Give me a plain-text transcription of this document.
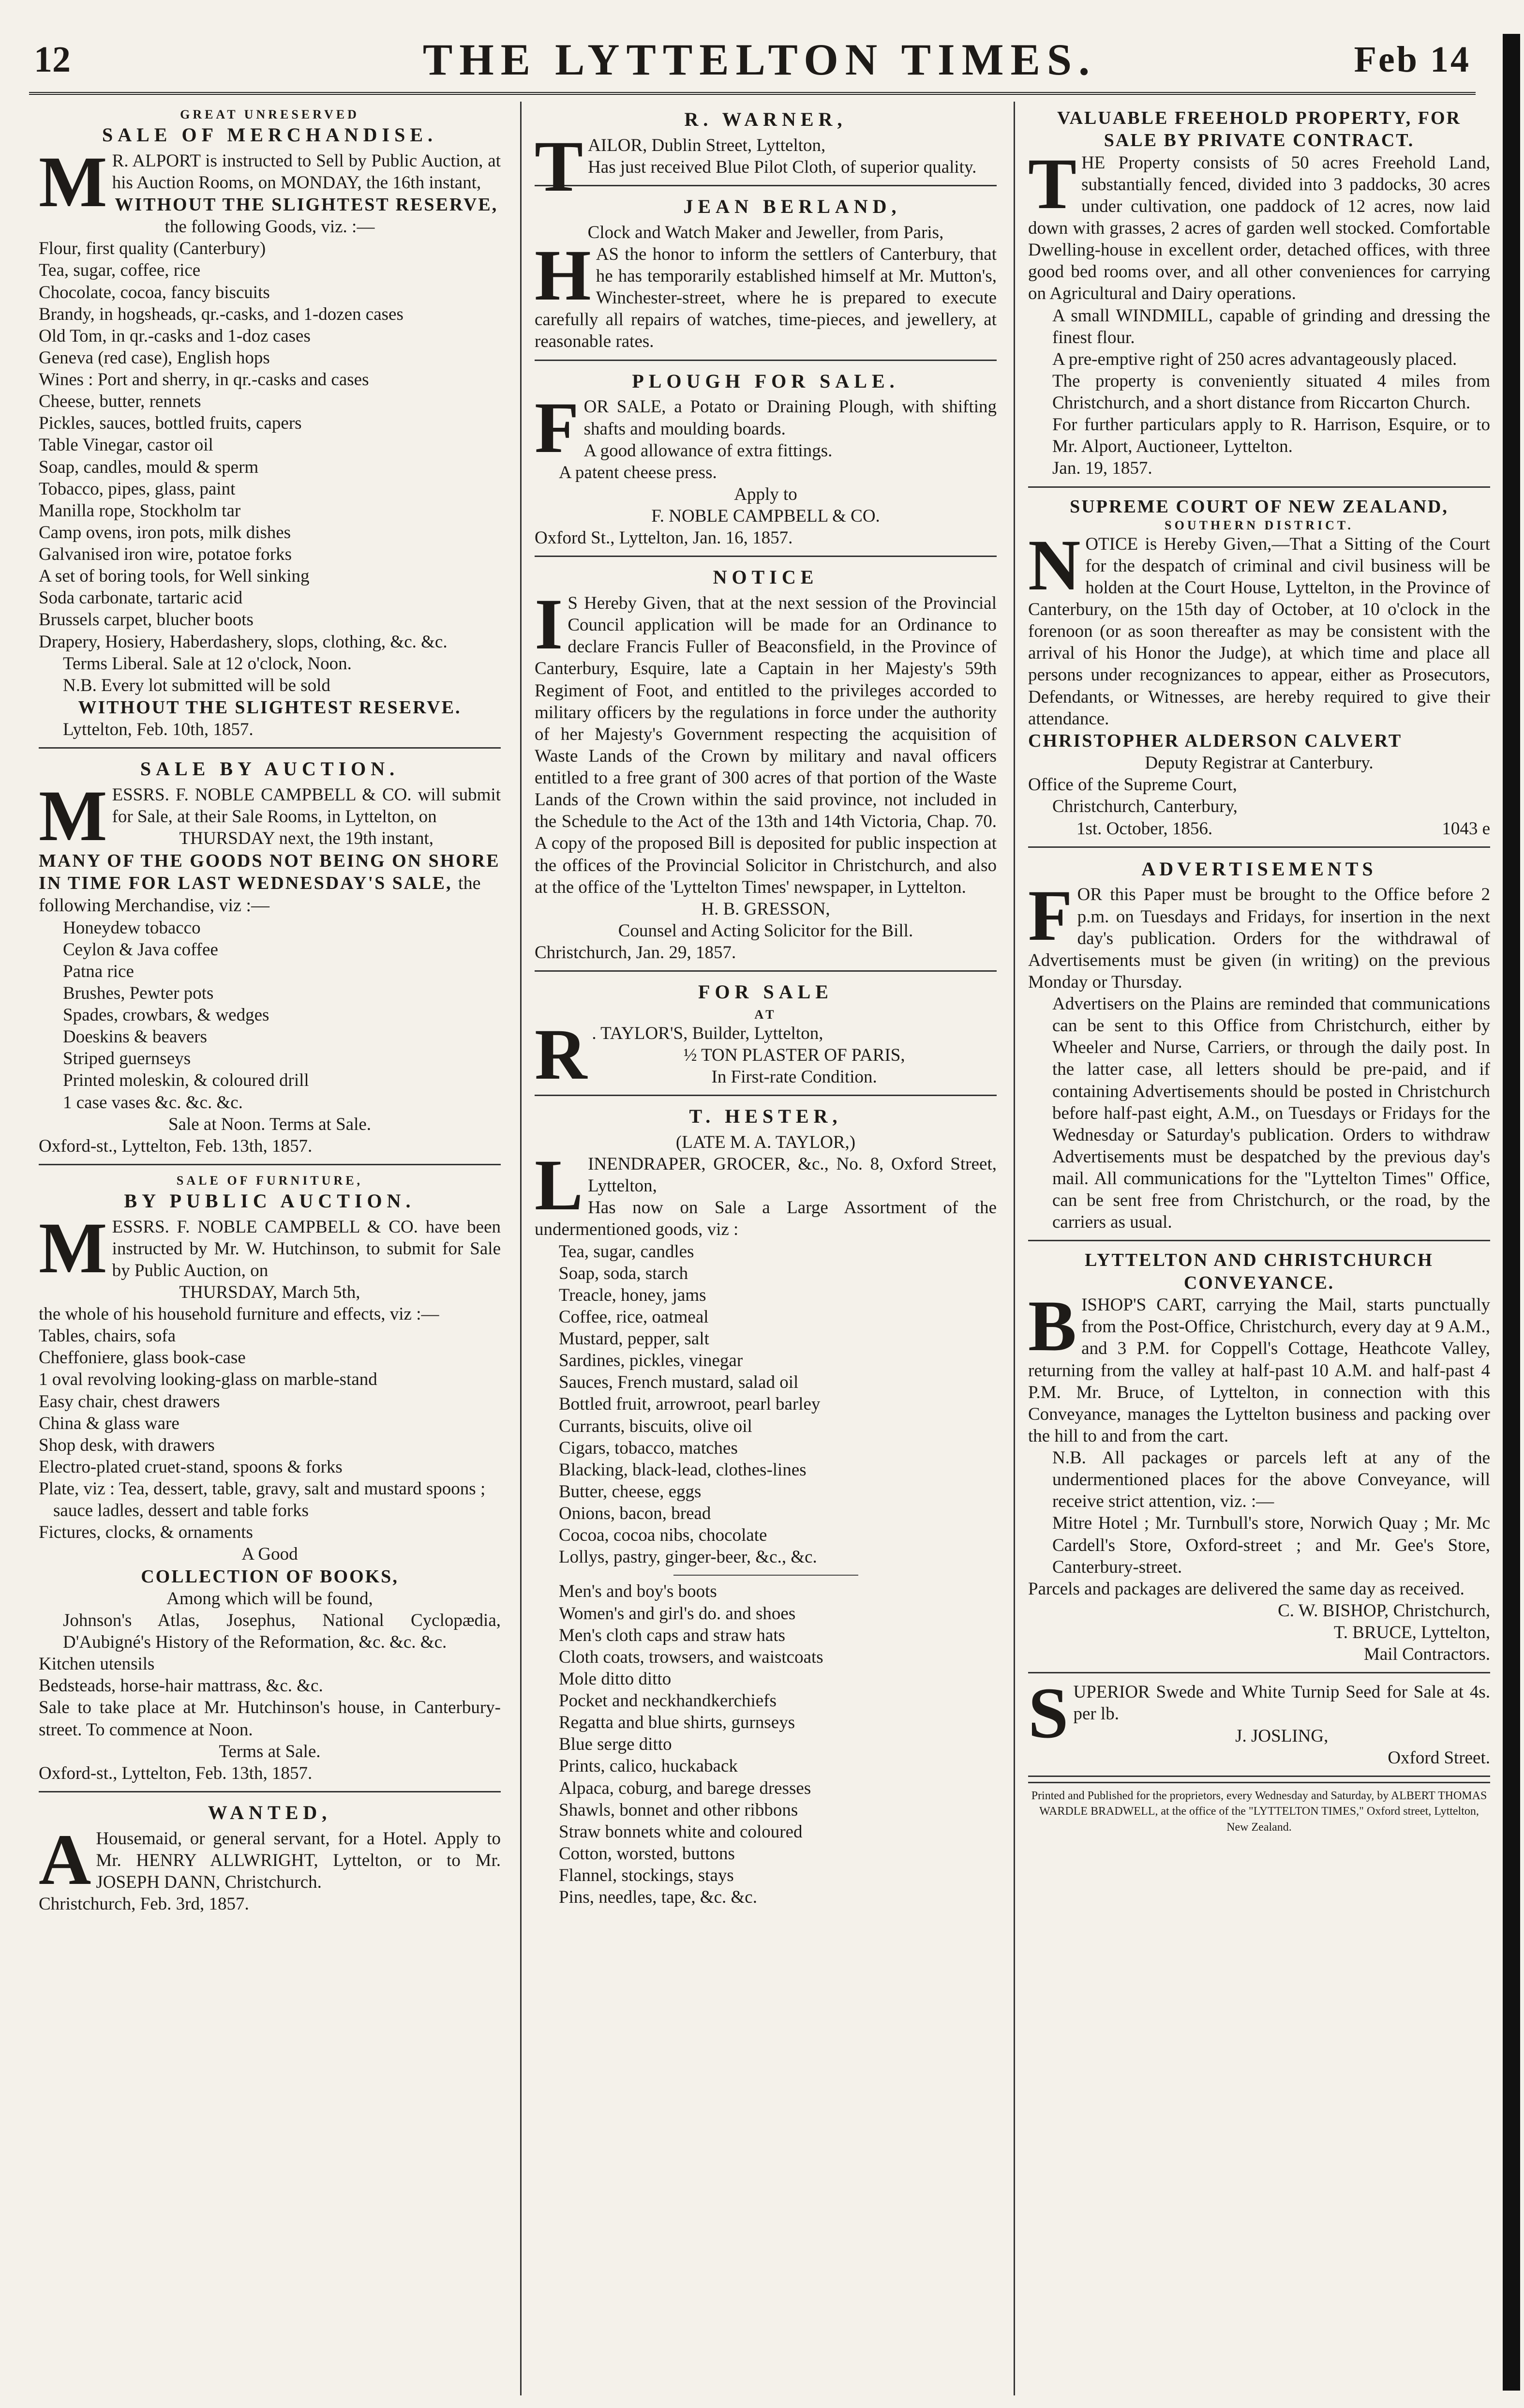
12	THE LYTTELTON TIMES.	Feb 14
GREAT UNRESERVED
SALE OF MERCHANDISE.

M R. ALPORT is instructed to Sell by Public Auction, at his Auction Rooms, on MONDAY, the 16th instant,

WITHOUT THE SLIGHTEST RESERVE,
the following Goods, viz. :—
Flour, first quality (Canterbury)
Tea, sugar, coffee, rice
Chocolate, cocoa, fancy biscuits
Brandy, in hogsheads, qr.-casks, and 1-dozen cases
Old Tom, in qr.-casks and 1-doz cases
Geneva (red case), English hops
Wines : Port and sherry, in qr.-casks and cases
Cheese, butter, rennets
Pickles, sauces, bottled fruits, capers
Table Vinegar, castor oil
Soap, candles, mould & sperm
Tobacco, pipes, glass, paint
Manilla rope, Stockholm tar
Camp ovens, iron pots, milk dishes
Galvanised iron wire, potatoe forks
A set of boring tools, for Well sinking
Soda carbonate, tartaric acid
Brussels carpet, blucher boots
Drapery, Hosiery, Haberdashery, slops, clothing, &c. &c.
Terms Liberal. Sale at 12 o'clock, Noon.
N.B. Every lot submitted will be sold
WITHOUT THE SLIGHTEST RESERVE.
Lyttelton, Feb. 10th, 1857.
SALE BY AUCTION.

MESSRS. F. NOBLE CAMPBELL & CO. will submit for Sale, at their Sale Rooms, in Lyttelton, on

THURSDAY next, the 19th instant,

MANY OF THE GOODS NOT BEING ON SHORE IN TIME FOR LAST WEDNESDAY'S SALE, the following Merchandise, viz :—

Honeydew tobacco
Ceylon & Java coffee
Patna rice
Brushes, Pewter pots
Spades, crowbars, & wedges
Doeskins & beavers
Striped guernseys
Printed moleskin, & coloured drill
1 case vases &c. &c. &c.
Sale at Noon. Terms at Sale.
Oxford-st., Lyttelton, Feb. 13th, 1857.
SALE OF FURNITURE,
BY PUBLIC AUCTION.

MESSRS. F. NOBLE CAMPBELL & CO. have been instructed by Mr. W. Hutchinson, to submit for Sale by Public Auction, on

THURSDAY, March 5th,

the whole of his household furniture and effects, viz :—

Tables, chairs, sofa
Cheffoniere, glass book-case
1 oval revolving looking-glass on marble-stand
Easy chair, chest drawers
China & glass ware
Shop desk, with drawers
Electro-plated cruet-stand, spoons & forks
Plate, viz : Tea, dessert, table, gravy, salt and mustard spoons ; sauce ladles, dessert and table forks
Fictures, clocks, & ornaments
A Good
COLLECTION OF BOOKS,
Among which will be found,

Johnson's Atlas, Josephus, National Cyclopædia, D'Aubigné's History of the Reformation, &c. &c. &c.

Kitchen utensils
Bedsteads, horse-hair mattrass, &c. &c.

Sale to take place at Mr. Hutchinson's house, in Canterbury-street. To commence at Noon.

Terms at Sale.
Oxford-st., Lyttelton, Feb. 13th, 1857.
WANTED,

A Housemaid, or general servant, for a Hotel. Apply to Mr. HENRY ALLWRIGHT, Lyttelton, or to Mr. JOSEPH DANN, Christchurch.

Christchurch, Feb. 3rd, 1857.
R. WARNER,

TAILOR, Dublin Street, Lyttelton,

Has just received Blue Pilot Cloth, of superior quality.

JEAN BERLAND,
Clock and Watch Maker and Jeweller, from Paris,

HAS the honor to inform the settlers of Canterbury, that he has temporarily established himself at Mr. Mutton's, Winchester-street, where he is prepared to execute carefully all repairs of watches, time-pieces, and jewellery, at reasonable rates.

PLOUGH FOR SALE.

FOR SALE, a Potato or Draining Plough, with shifting shafts and moulding boards.

A good allowance of extra fittings.
A patent cheese press.
Apply to
F. NOBLE CAMPBELL & CO.
Oxford St., Lyttelton, Jan. 16, 1857.
NOTICE

I S Hereby Given, that at the next session of the Provincial Council application will be made for an Ordinance to declare Francis Fuller of Beaconsfield, in the Province of Canterbury, Esquire, late a Captain in her Majesty's 59th Regiment of Foot, and entitled to the privileges accorded to military officers by the regulations in force under the authority of her Majesty's Government respecting the acquisition of Waste Lands of the Crown by military and naval officers entitled to a free grant of 300 acres of that portion of the Waste Lands of the Crown within the said province, not included in the Schedule to the Act of the 13th and 14th Victoria, Chap. 70. A copy of the proposed Bill is deposited for public inspection at the offices of the Provincial Solicitor in Christchurch, and also at the office of the 'Lyttelton Times' newspaper, in Lyttelton.

H. B. GRESSON,
Counsel and Acting Solicitor for the Bill.
Christchurch, Jan. 29, 1857.
FOR SALE
AT

R . TAYLOR'S, Builder, Lyttelton,

½ TON PLASTER OF PARIS,
In First-rate Condition.
T. HESTER,
(LATE M. A. TAYLOR,)

LINENDRAPER, GROCER, &c., No. 8, Oxford Street, Lyttelton,

Has now on Sale a Large Assortment of the undermentioned goods, viz :

Tea, sugar, candles
Soap, soda, starch
Treacle, honey, jams
Coffee, rice, oatmeal
Mustard, pepper, salt
Sardines, pickles, vinegar
Sauces, French mustard, salad oil
Bottled fruit, arrowroot, pearl barley
Currants, biscuits, olive oil
Cigars, tobacco, matches
Blacking, black-lead, clothes-lines
Butter, cheese, eggs
Onions, bacon, bread
Cocoa, cocoa nibs, chocolate
Lollys, pastry, ginger-beer, &c., &c.
Men's and boy's boots
Women's and girl's do. and shoes
Men's cloth caps and straw hats
Cloth coats, trowsers, and waistcoats
Mole ditto ditto
Pocket and neckhandkerchiefs
Regatta and blue shirts, gurnseys
Blue serge ditto
Prints, calico, huckaback
Alpaca, coburg, and barege dresses
Shawls, bonnet and other ribbons
Straw bonnets white and coloured
Cotton, worsted, buttons
Flannel, stockings, stays
Pins, needles, tape, &c. &c.
VALUABLE FREEHOLD PROPERTY, FOR SALE BY PRIVATE CONTRACT.

THE Property consists of 50 acres Freehold Land, substantially fenced, divided into 3 paddocks, 30 acres under cultivation, one paddock of 12 acres, now laid down with grasses, 2 acres of garden well stocked. Comfortable Dwelling-house in excellent order, detached offices, with three good bed rooms over, and all other conveniences for carrying on Agricultural and Dairy operations.

A small WINDMILL, capable of grinding and dressing the finest flour.

A pre-emptive right of 250 acres advantageously placed.

The property is conveniently situated 4 miles from Christchurch, and a short distance from Riccarton Church.

For further particulars apply to R. Harrison, Esquire, or to Mr. Alport, Auctioneer, Lyttelton.

Jan. 19, 1857.
SUPREME COURT OF NEW ZEALAND,
SOUTHERN DISTRICT.

NOTICE is Hereby Given,—That a Sitting of the Court for the despatch of criminal and civil business will be holden at the Court House, Lyttelton, in the Province of Canterbury, on the 15th day of October, at 10 o'clock in the forenoon (or as soon thereafter as may be consistent with the arrival of his Honor the Judge), at which time and place all persons under recognizances to appear, either as Prosecutors, Defendants, or Witnesses, are hereby required to give their attendance.

CHRISTOPHER ALDERSON CALVERT
Deputy Registrar at Canterbury.
Office of the Supreme Court,
Christchurch, Canterbury,
1st. October, 1856.	1043 e
ADVERTISEMENTS

FOR this Paper must be brought to the Office before 2 p.m. on Tuesdays and Fridays, for insertion in the next day's publication. Orders for the withdrawal of Advertisements must be given (in writing) on the previous Monday or Thursday.

Advertisers on the Plains are reminded that communications can be sent to this Office from Christchurch, either by Wheeler and Nurse, Carriers, or through the daily post. In the latter case, all letters should be pre-paid, and if containing Advertisements should be posted in Christchurch before half-past eight, A.M., on Tuesdays or Fridays for the Wednesday or Saturday's publication. Orders to withdraw Advertisements must be despatched by the previous day's mail. All communications for the "Lyttelton Times" Office, can be sent free from Christchurch, or the road, by the carriers as usual.

LYTTELTON AND CHRISTCHURCH CONVEYANCE.

BISHOP'S CART, carrying the Mail, starts punctually from the Post-Office, Christchurch, every day at 9 A.M., and 3 P.M. for Coppell's Cottage, Heathcote Valley, returning from the valley at half-past 10 A.M. and half-past 4 P.M. Mr. Bruce, of Lyttelton, in connection with this Conveyance, manages the Lyttelton business and packing over the hill to and from the cart.

N.B. All packages or parcels left at any of the undermentioned places for the above Conveyance, will receive strict attention, viz. :—

Mitre Hotel ; Mr. Turnbull's store, Norwich Quay ; Mr. Mc Cardell's Store, Oxford-street ; and Mr. Gee's Store, Canterbury-street.

Parcels and packages are delivered the same day as received.

C. W. BISHOP, Christchurch,
T. BRUCE, Lyttelton,
Mail Contractors.

SUPERIOR Swede and White Turnip Seed for Sale at 4s. per lb.

J. JOSLING,
Oxford Street.
Printed and Published for the proprietors, every Wednesday and Saturday, by ALBERT THOMAS WARDLE BRADWELL, at the office of the "LYTTELTON TIMES," Oxford street, Lyttelton, New Zealand.
